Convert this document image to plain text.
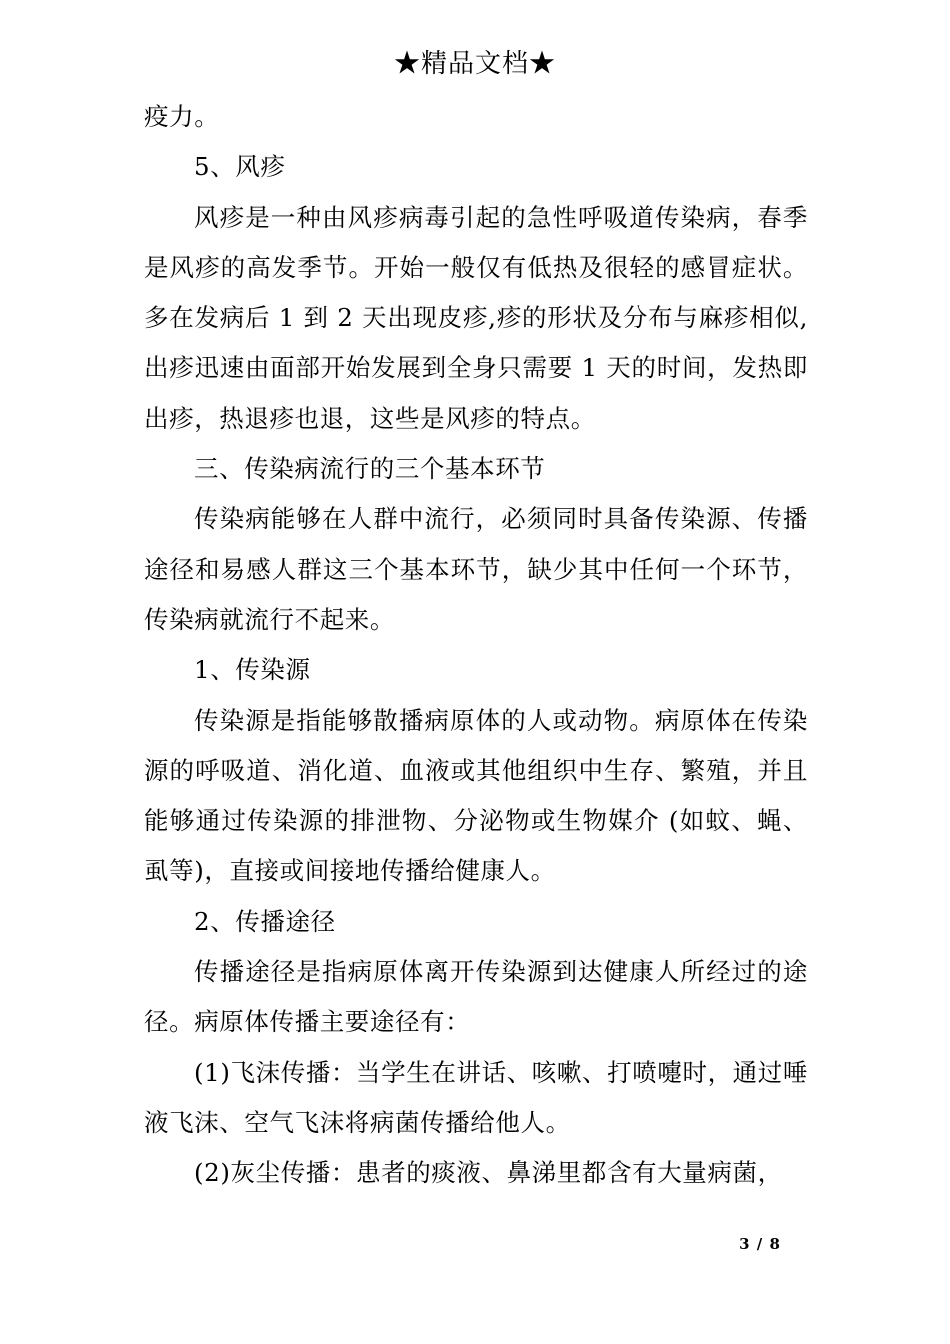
★精品文档★

疫力。

5、风疹

风疹是一种由风疹病毒引起的急性呼吸道传染病，春季是风疹的高发季节。开始一般仅有低热及很轻的感冒症状。多在发病后 1 到 2 天出现皮疹,疹的形状及分布与麻疹相似,出疹迅速由面部开始发展到全身只需要 1 天的时间，发热即出疹，热退疹也退，这些是风疹的特点。

三、传染病流行的三个基本环节

传染病能够在人群中流行，必须同时具备传染源、传播途径和易感人群这三个基本环节，缺少其中任何一个环节，传染病就流行不起来。

1、传染源

传染源是指能够散播病原体的人或动物。病原体在传染源的呼吸道、消化道、血液或其他组织中生存、繁殖，并且能够通过传染源的排泄物、分泌物或生物媒介 (如蚊、蝇、虱等)，直接或间接地传播给健康人。

2、传播途径

传播途径是指病原体离开传染源到达健康人所经过的途径。病原体传播主要途径有：

(1)飞沫传播：当学生在讲话、咳嗽、打喷嚏时，通过唾液飞沫、空气飞沫将病菌传播给他人。

(2)灰尘传播：患者的痰液、鼻涕里都含有大量病菌，

3 / 8
